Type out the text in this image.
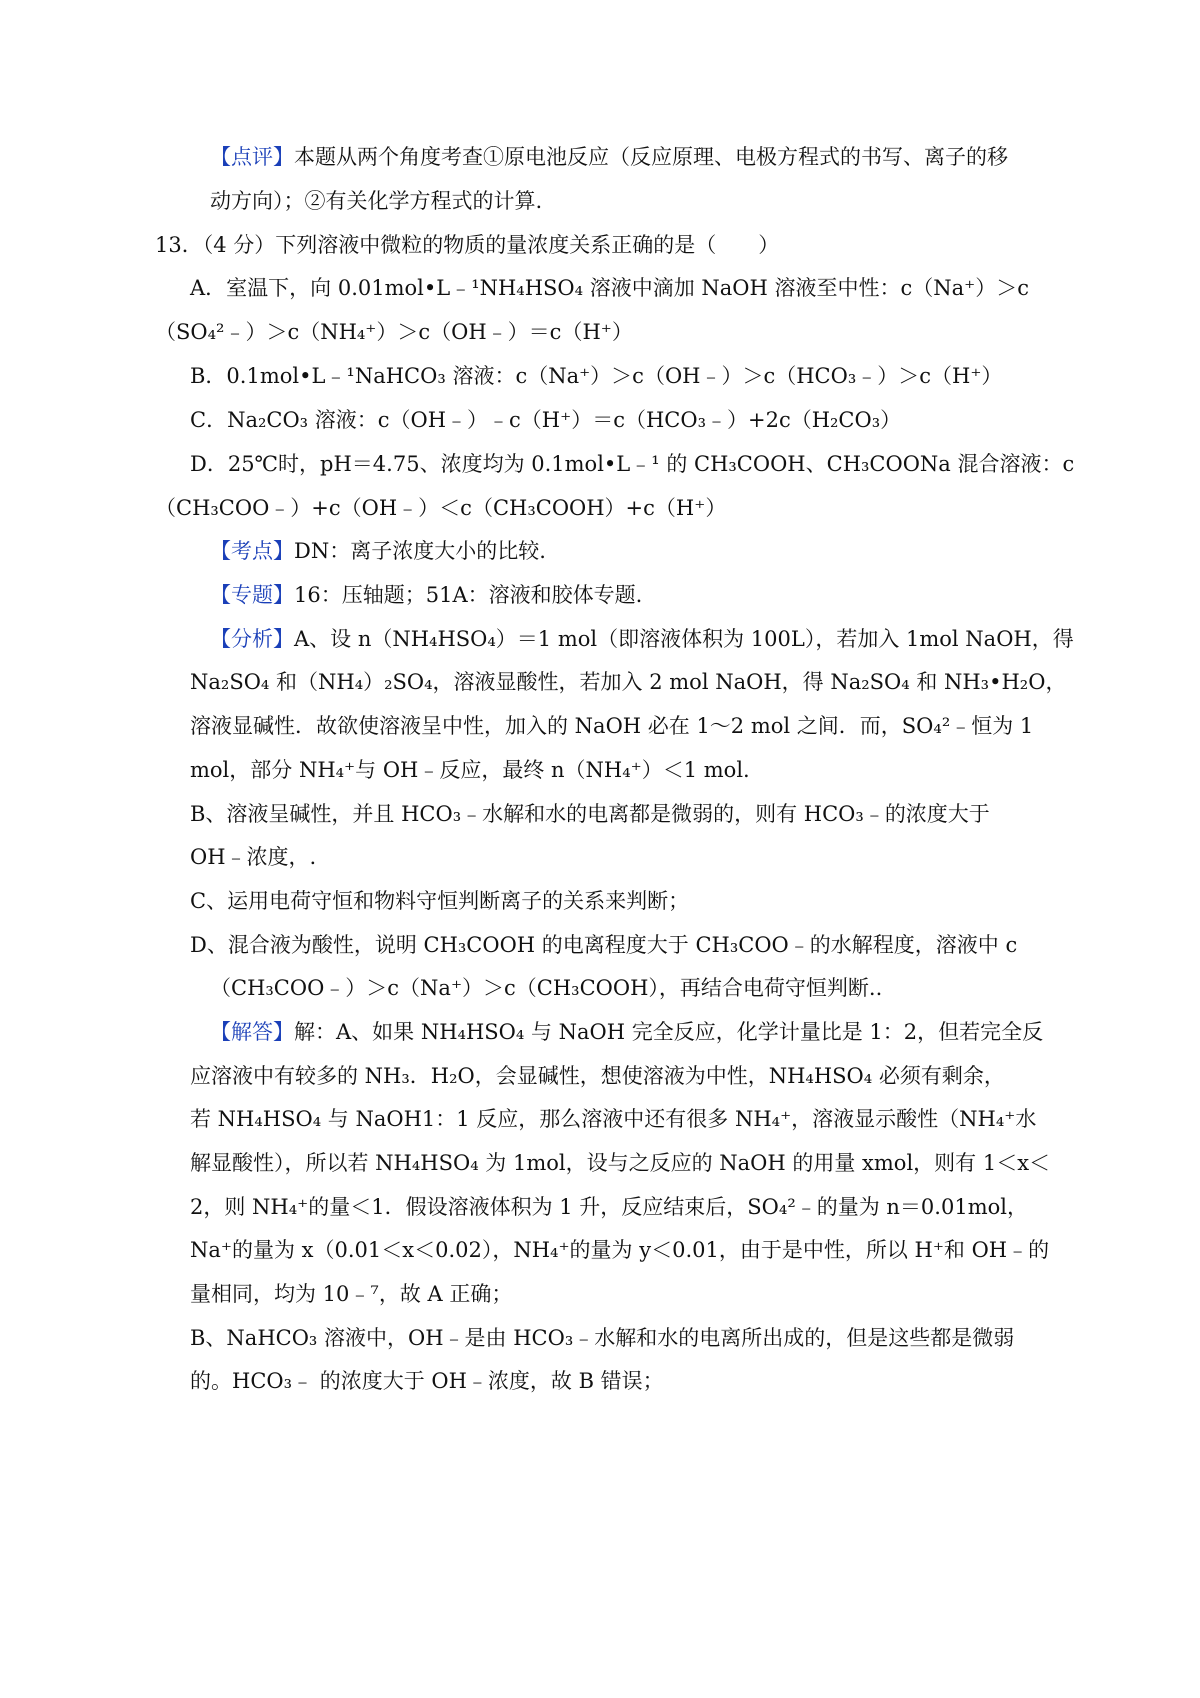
【点评】本题从两个角度考查①原电池反应（反应原理、电极方程式的书写、离子的移
动方向）；②有关化学方程式的计算.
13．（4 分）下列溶液中微粒的物质的量浓度关系正确的是（　　）
A．室温下，向 0.01mol•L﹣¹NH₄HSO₄ 溶液中滴加 NaOH 溶液至中性：c（Na⁺）＞c
（SO₄²﹣）＞c（NH₄⁺）＞c（OH﹣）＝c（H⁺）
B．0.1mol•L﹣¹NaHCO₃ 溶液：c（Na⁺）＞c（OH﹣）＞c（HCO₃﹣）＞c（H⁺）
C．Na₂CO₃ 溶液：c（OH﹣）﹣c（H⁺）＝c（HCO₃﹣）+2c（H₂CO₃）
D．25℃时，pH＝4.75、浓度均为 0.1mol•L﹣¹ 的 CH₃COOH、CH₃COONa 混合溶液：c
（CH₃COO﹣）+c（OH﹣）＜c（CH₃COOH）+c（H⁺）
【考点】DN：离子浓度大小的比较.
【专题】16：压轴题；51A：溶液和胶体专题.
【分析】A、设 n（NH₄HSO₄）＝1 mol（即溶液体积为 100L），若加入 1mol NaOH，得
Na₂SO₄ 和（NH₄）₂SO₄，溶液显酸性，若加入 2 mol NaOH，得 Na₂SO₄ 和 NH₃•H₂O，
溶液显碱性．故欲使溶液呈中性，加入的 NaOH 必在 1～2 mol 之间．而，SO₄²﹣恒为 1
mol，部分 NH₄⁺与 OH﹣反应，最终 n（NH₄⁺）＜1 mol.
B、溶液呈碱性，并且 HCO₃﹣水解和水的电离都是微弱的，则有 HCO₃﹣的浓度大于
OH﹣浓度，.
C、运用电荷守恒和物料守恒判断离子的关系来判断；
D、混合液为酸性，说明 CH₃COOH 的电离程度大于 CH₃COO﹣的水解程度，溶液中 c
（CH₃COO﹣）＞c（Na⁺）＞c（CH₃COOH），再结合电荷守恒判断..
【解答】解：A、如果 NH₄HSO₄ 与 NaOH 完全反应，化学计量比是 1：2，但若完全反
应溶液中有较多的 NH₃．H₂O，会显碱性，想使溶液为中性，NH₄HSO₄ 必须有剩余，
若 NH₄HSO₄ 与 NaOH1：1 反应，那么溶液中还有很多 NH₄⁺，溶液显示酸性（NH₄⁺水
解显酸性），所以若 NH₄HSO₄ 为 1mol，设与之反应的 NaOH 的用量 xmol，则有 1＜x＜
2，则 NH₄⁺的量＜1．假设溶液体积为 1 升，反应结束后，SO₄²﹣的量为 n＝0.01mol，
Na⁺的量为 x（0.01＜x＜0.02），NH₄⁺的量为 y＜0.01，由于是中性，所以 H⁺和 OH﹣的
量相同，均为 10﹣⁷，故 A 正确；
B、NaHCO₃ 溶液中，OH﹣是由 HCO₃﹣水解和水的电离所出成的，但是这些都是微弱
的。HCO₃﹣ 的浓度大于 OH﹣浓度，故 B 错误；
